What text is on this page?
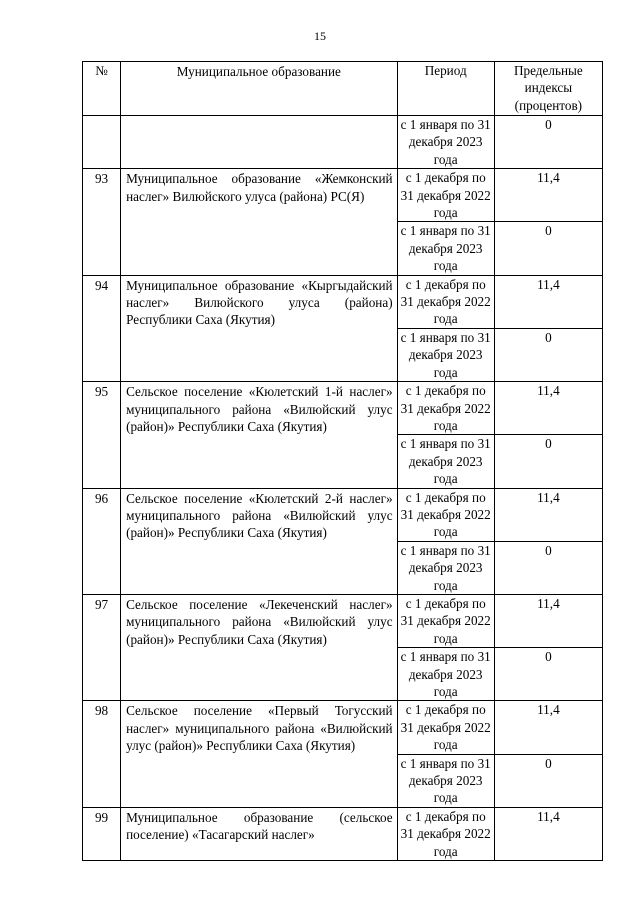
15
№	Муниципальное образование	Период	Предельные индексы (процентов)
		с 1 января по 31 декабря 2023 года	0
93	Муниципальное образование «Жемконский наслег» Вилюйского улуса (района) РС(Я)	с 1 декабря по 31 декабря 2022 года	11,4
		с 1 января по 31 декабря 2023 года	0
94	Муниципальное образование «Кыргыдайский наслег» Вилюйского улуса (района) Республики Саха (Якутия)	с 1 декабря по 31 декабря 2022 года	11,4
		с 1 января по 31 декабря 2023 года	0
95	Сельское поселение «Кюлетский 1-й наслег» муниципального района «Вилюйский улус (район)» Республики Саха (Якутия)	с 1 декабря по 31 декабря 2022 года	11,4
		с 1 января по 31 декабря 2023 года	0
96	Сельское поселение «Кюлетский 2-й наслег» муниципального района «Вилюйский улус (район)» Республики Саха (Якутия)	с 1 декабря по 31 декабря 2022 года	11,4
		с 1 января по 31 декабря 2023 года	0
97	Сельское поселение «Лекеченский наслег» муниципального района «Вилюйский улус (район)» Республики Саха (Якутия)	с 1 декабря по 31 декабря 2022 года	11,4
		с 1 января по 31 декабря 2023 года	0
98	Сельское поселение «Первый Тогусский наслег» муниципального района «Вилюйский улус (район)» Республики Саха (Якутия)	с 1 декабря по 31 декабря 2022 года	11,4
		с 1 января по 31 декабря 2023 года	0
99	Муниципальное образование (сельское поселение) «Тасагарский наслег»	с 1 декабря по 31 декабря 2022 года	11,4
